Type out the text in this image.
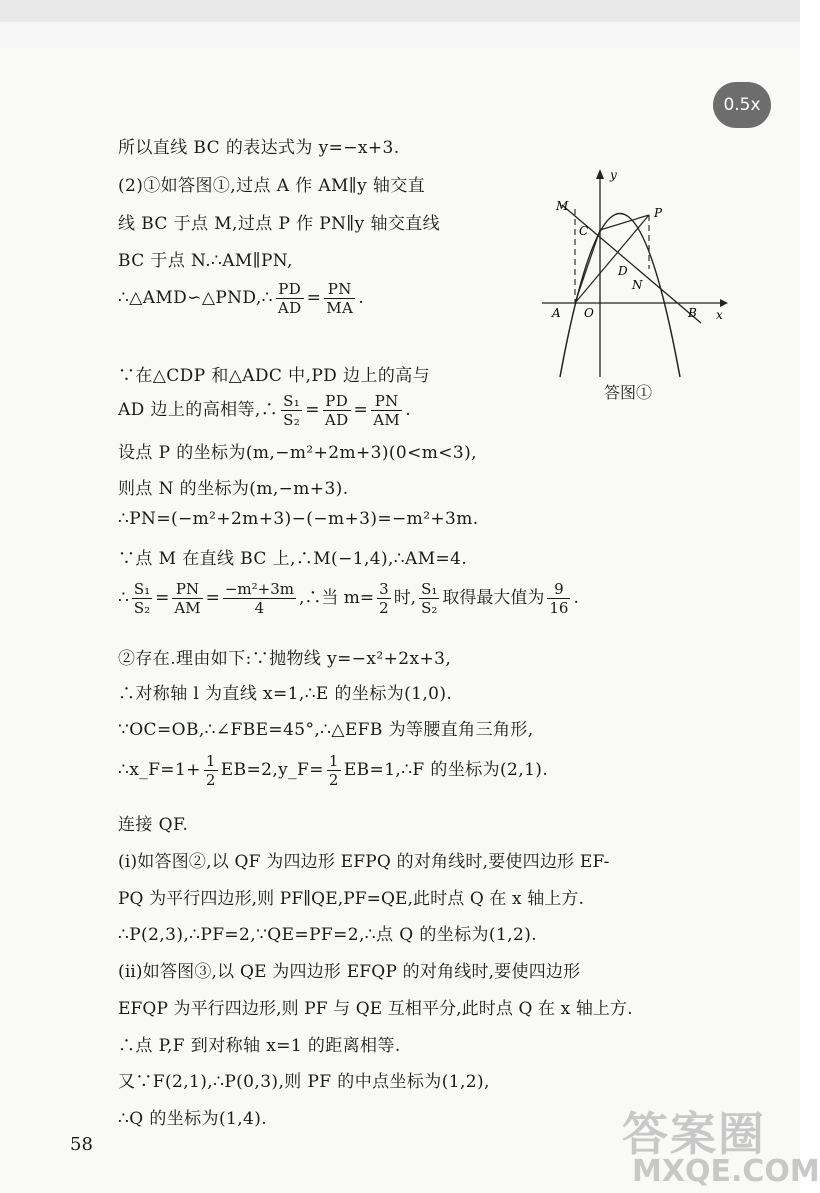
0.5x
所以直线 BC 的表达式为 y=−x+3.
(2)①如答图①,过点 A 作 AM∥y 轴交直
线 BC 于点 M,过点 P 作 PN∥y 轴交直线
BC 于点 N.∴AM∥PN,
∴△AMD∽△PND,∴ $\frac{PD}{AD} = \frac{PN}{MA}$ .
∵在△CDP 和△ADC 中,PD 边上的高与
AD 边上的高相等,∴ $\frac{\text{S₁}}{\text{S₂}} = \frac{PD}{AD} = \frac{PN}{AM}$ .
设点 P 的坐标为(m,−m²+2m+3)(0<m<3),
则点 N 的坐标为(m,−m+3).
∴PN=(−m²+2m+3)−(−m+3)=−m²+3m.
∵点 M 在直线 BC 上,∴M(−1,4),∴AM=4.
∴ $\frac{\text{S₁}}{\text{S₂}} = \frac{PN}{AM} = \frac{\text{−m²+3m}}{4}$ ,∴当 $m= \frac{3}{2}$ 时, $\frac{\text{S₁}}{\text{S₂}}$ 取得最大值为 $\frac{9}{16}$ .
②存在.理由如下:∵抛物线 y=−x²+2x+3,
∴对称轴 l 为直线 x=1,∴E 的坐标为(1,0).
∵OC=OB,∴∠FBE=45°,∴△EFB 为等腰直角三角形,
∴x_F=1+ $\frac{1}{2}$ EB=2,y_F= $\frac{1}{2}$ EB=1,∴F 的坐标为(2,1).
连接 QF.
(ⅰ)如答图②,以 QF 为四边形 EFPQ 的对角线时,要使四边形 EF-
PQ 为平行四边形,则 PF∥QE,PF=QE,此时点 Q 在 x 轴上方.
∴P(2,3),∴PF=2,∵QE=PF=2,∴点 Q 的坐标为(1,2).
(ⅱ)如答图③,以 QE 为四边形 EFQP 的对角线时,要使四边形
EFQP 为平行四边形,则 PF 与 QE 互相平分,此时点 Q 在 x 轴上方.
∴点 P,F 到对称轴 x=1 的距离相等.
又∵F(2,1),∴P(0,3),则 PF 的中点坐标为(1,2),
∴Q 的坐标为(1,4).
y
x
M
C
P
D
N
A O	B
答图①
58	答案圈
MXQE.COM
